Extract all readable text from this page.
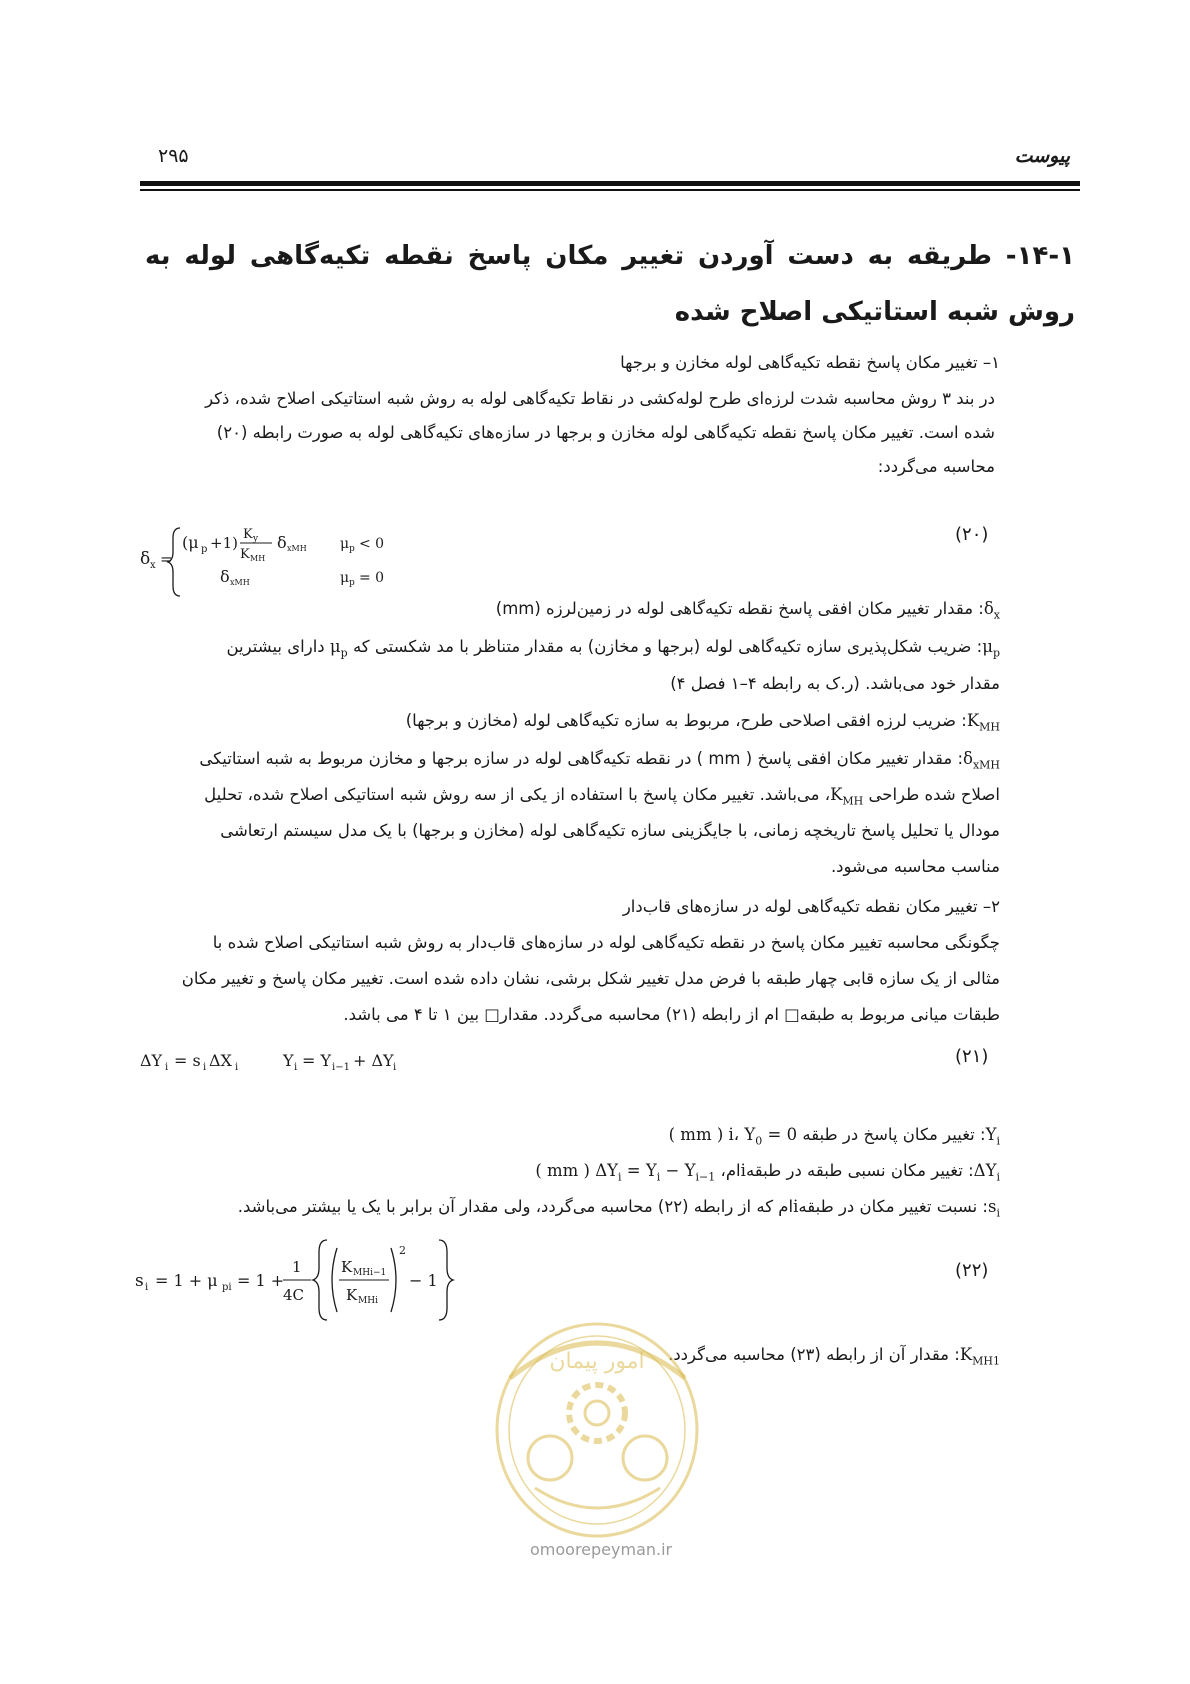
پیوست
۲۹۵
۱۴-۱- طریقه به دست آوردن تغییر مکان پاسخ نقطه تکیه‌گاهی لوله به روش شبه استاتیکی اصلاح شده
۱– تغییر مکان پاسخ نقطه تکیه‌گاهی لوله مخازن و برجها
در بند ۳ روش محاسبه شدت لرزه‌ای طرح لوله‌کشی در نقاط تکیه‌گاهی لوله به روش شبه استاتیکی اصلاح شده، ذکر
شده است. تغییر مکان پاسخ نقطه تکیه‌گاهی لوله مخازن و برجها در سازه‌های تکیه‌گاهی لوله به صورت رابطه (۲۰)
محاسبه می‌گردد:
δ x =
(μ p +1) K y
K MH
δ xMH μ p < 0
δ xMH	μ p = 0
(۲۰)
$\delta_x$: مقدار تغییر مکان افقی پاسخ نقطه تکیه‌گاهی لوله در زمین‌لرزه (mm)
$\mu_p$: ضریب شکل‌پذیری سازه تکیه‌گاهی لوله (برجها و مخازن) به مقدار متناظر با مد شکستی که $\mu_p$ دارای بیشترین
مقدار خود می‌باشد. (ر.ک به رابطه ۴–۱ فصل ۴)
$K_{MH}$: ضریب لرزه افقی اصلاحی طرح، مربوط به سازه تکیه‌گاهی لوله (مخازن و برجها)
$\delta_{xMH}$: مقدار تغییر مکان افقی پاسخ ( mm ) در نقطه تکیه‌گاهی لوله در سازه برجها و مخازن مربوط به شبه استاتیکی
اصلاح شده طراحی $K_{MH}،$ می‌باشد. تغییر مکان پاسخ با استفاده از یکی از سه روش شبه استاتیکی اصلاح شده، تحلیل
مودال یا تحلیل پاسخ تاریخچه زمانی، با جایگزینی سازه تکیه‌گاهی لوله (مخازن و برجها) با یک مدل سیستم ارتعاشی
مناسب محاسبه می‌شود.
۲– تغییر مکان نقطه تکیه‌گاهی لوله در سازه‌های قاب‌دار
چگونگی محاسبه تغییر مکان پاسخ در نقطه تکیه‌گاهی لوله در سازه‌های قاب‌دار به روش شبه استاتیکی اصلاح شده با
مثالی از یک سازه قابی چهار طبقه با فرض مدل تغییر شکل برشی، نشان داده شده است. تغییر مکان پاسخ و تغییر مکان
طبقات میانی مربوط به طبقه□ ام از رابطه (۲۱) محاسبه می‌گردد. مقدار□ بین ۱ تا ۴ می باشد.
ΔY i = s i ΔX i	Y i = Y i−1 + ΔY i
(۲۱)
$Y_i$: تغییر مکان پاسخ در طبقه i، $Y_0 = 0$ ( mm )
$\Delta Y_i$: تغییر مکان نسبی طبقه در طبقهiام، $\Delta Y_i = Y_i - Y_{i-1}$ ( mm )
$s_i$: نسبت تغییر مکان در طبقهiام که از رابطه (۲۲) محاسبه می‌گردد، ولی مقدار آن برابر با یک یا بیشتر می‌باشد.
s i = 1 + μ pi = 1 +
1
4C
K MHi−1
K MHi
2
− 1	(۲۲)
$K_{MH1}$: مقدار آن از رابطه (۲۳) محاسبه می‌گردد.
امور پیمان
omoorepeyman.ir
